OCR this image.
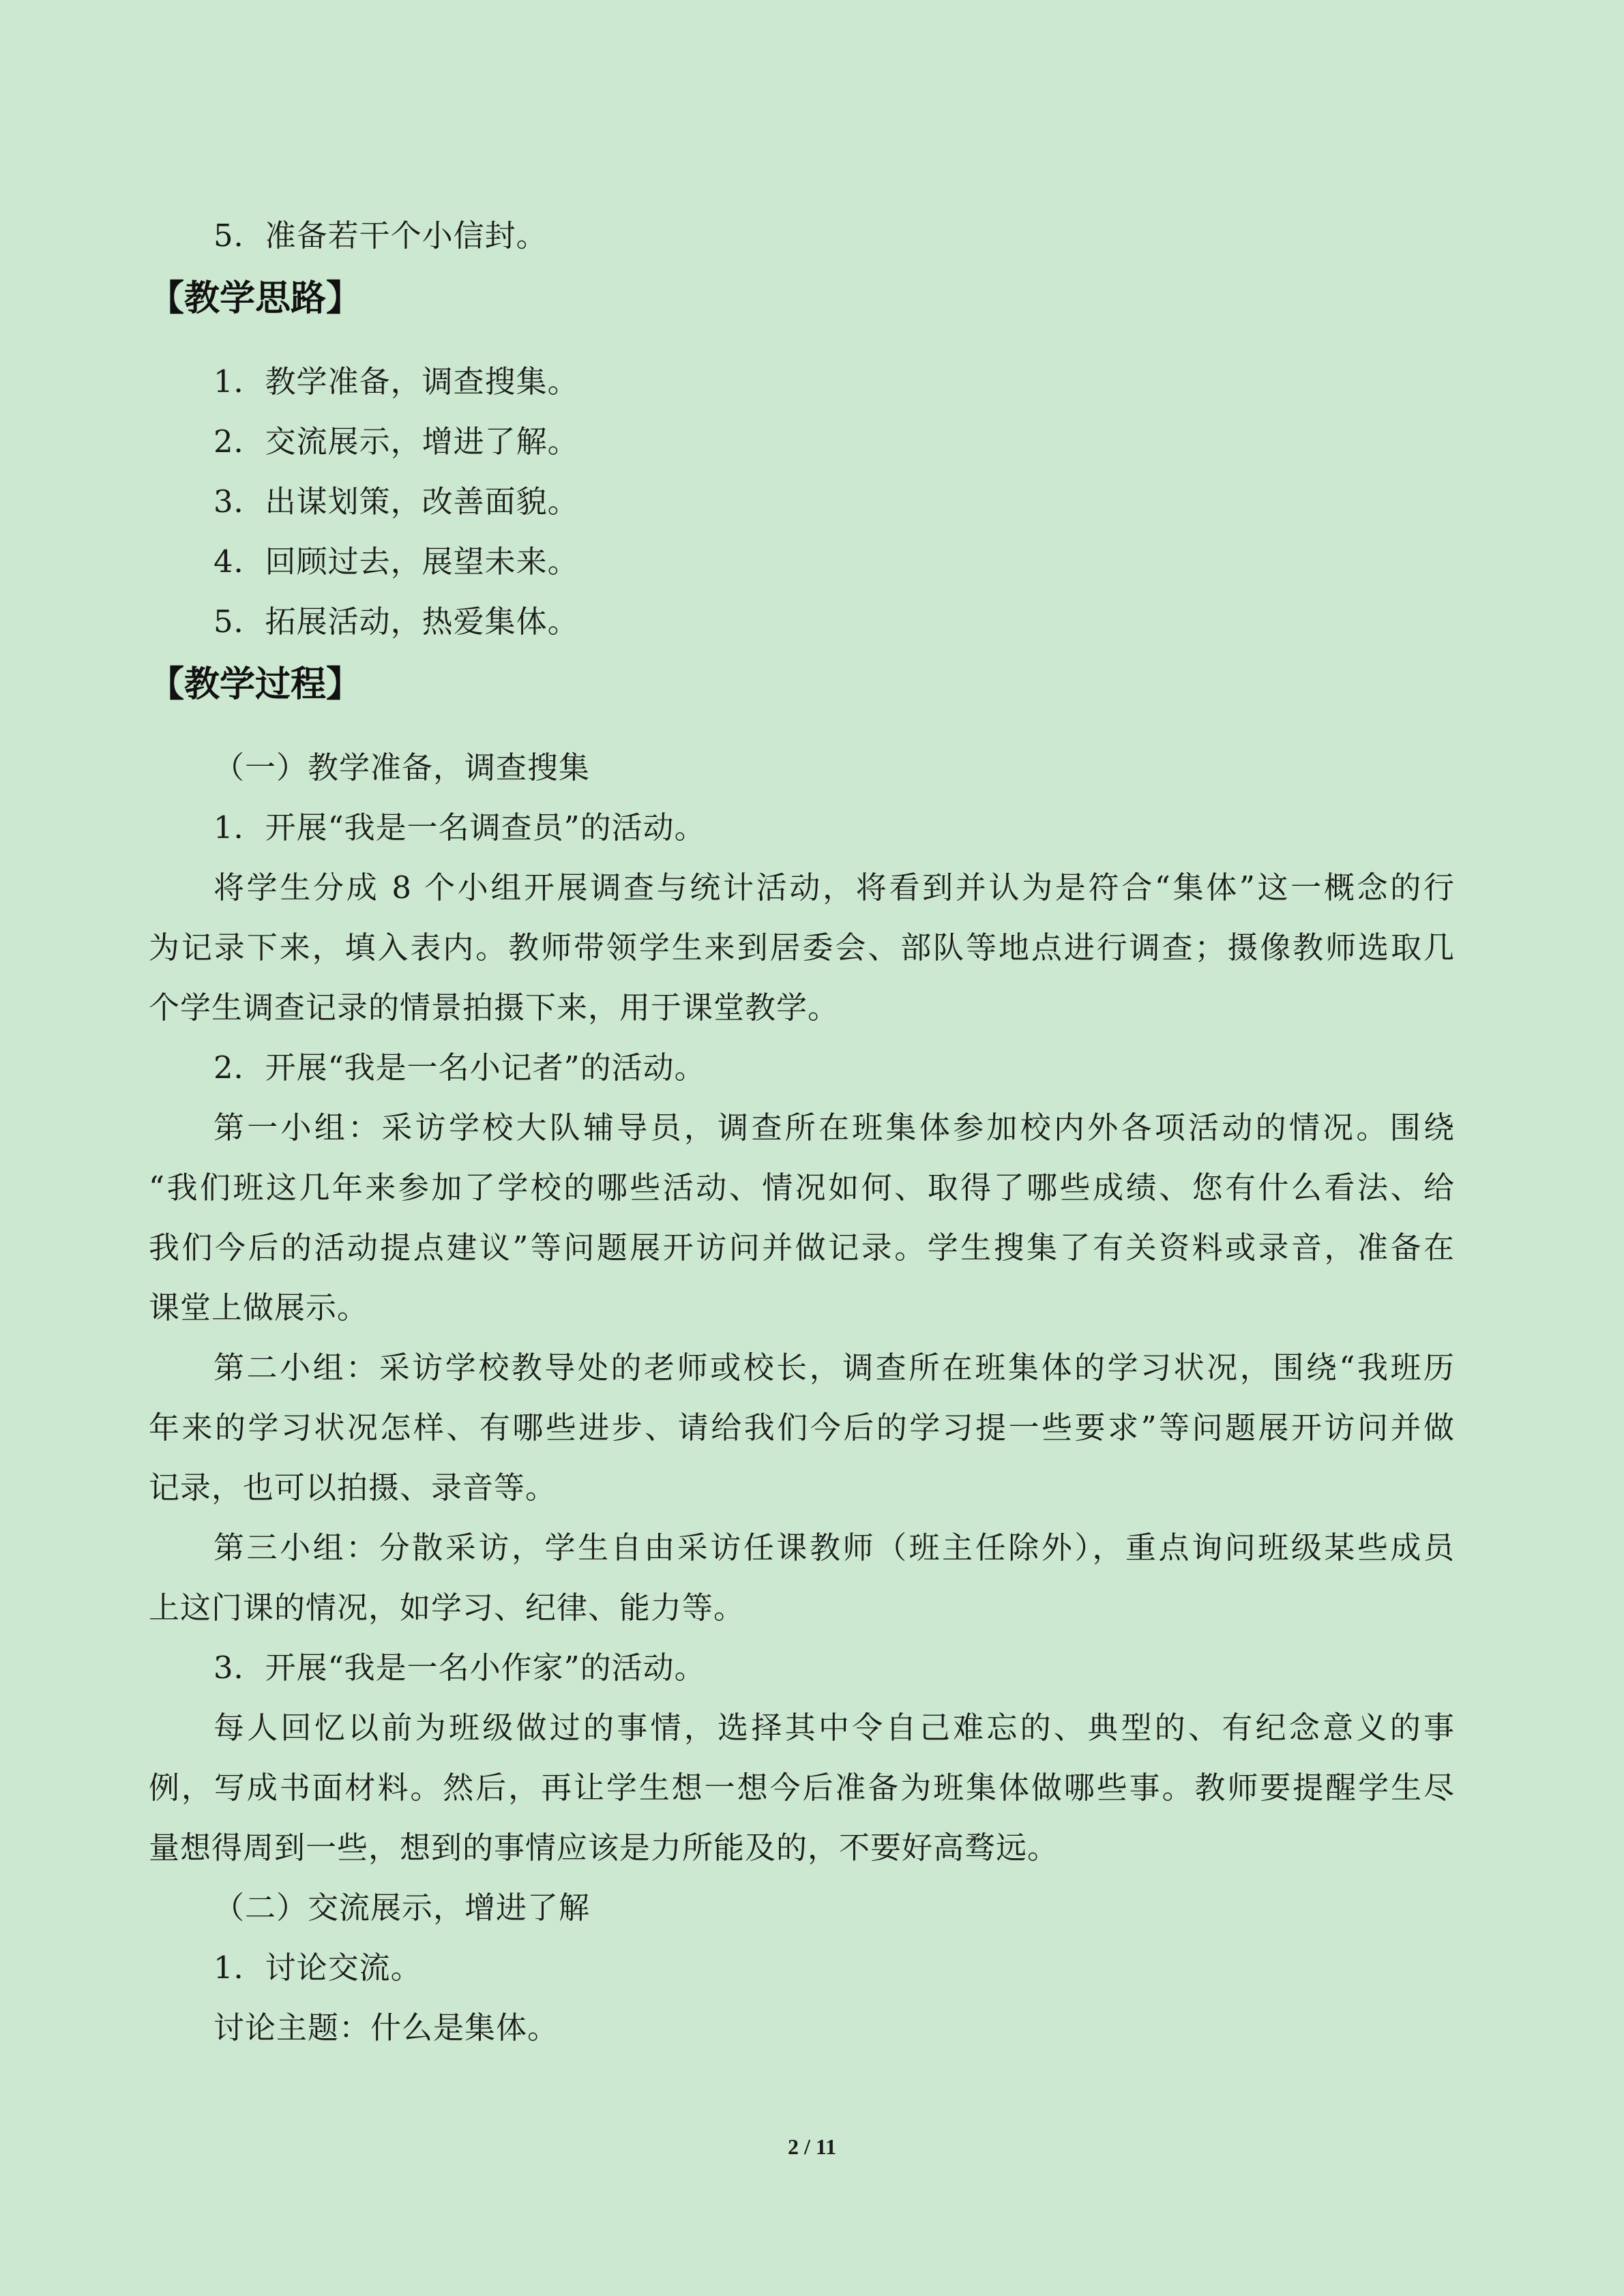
5．准备若干个小信封。
【教学思路】
1．教学准备，调查搜集。
2．交流展示，增进了解。
3．出谋划策，改善面貌。
4．回顾过去，展望未来。
5．拓展活动，热爱集体。
【教学过程】
（一）教学准备，调查搜集
1．开展“我是一名调查员”的活动。
将学生分成 8 个小组开展调查与统计活动，将看到并认为是符合“集体”这一概念的行
为记录下来，填入表内。教师带领学生来到居委会、部队等地点进行调查；摄像教师选取几
个学生调查记录的情景拍摄下来，用于课堂教学。
2．开展“我是一名小记者”的活动。
第一小组：采访学校大队辅导员，调查所在班集体参加校内外各项活动的情况。围绕
“我们班这几年来参加了学校的哪些活动、情况如何、取得了哪些成绩、您有什么看法、给
我们今后的活动提点建议”等问题展开访问并做记录。学生搜集了有关资料或录音，准备在
课堂上做展示。
第二小组：采访学校教导处的老师或校长，调查所在班集体的学习状况，围绕“我班历
年来的学习状况怎样、有哪些进步、请给我们今后的学习提一些要求”等问题展开访问并做
记录，也可以拍摄、录音等。
第三小组：分散采访，学生自由采访任课教师（班主任除外），重点询问班级某些成员
上这门课的情况，如学习、纪律、能力等。
3．开展“我是一名小作家”的活动。
每人回忆以前为班级做过的事情，选择其中令自己难忘的、典型的、有纪念意义的事
例，写成书面材料。然后，再让学生想一想今后准备为班集体做哪些事。教师要提醒学生尽
量想得周到一些，想到的事情应该是力所能及的，不要好高骛远。
（二）交流展示，增进了解
1．讨论交流。
讨论主题：什么是集体。
2 / 11
